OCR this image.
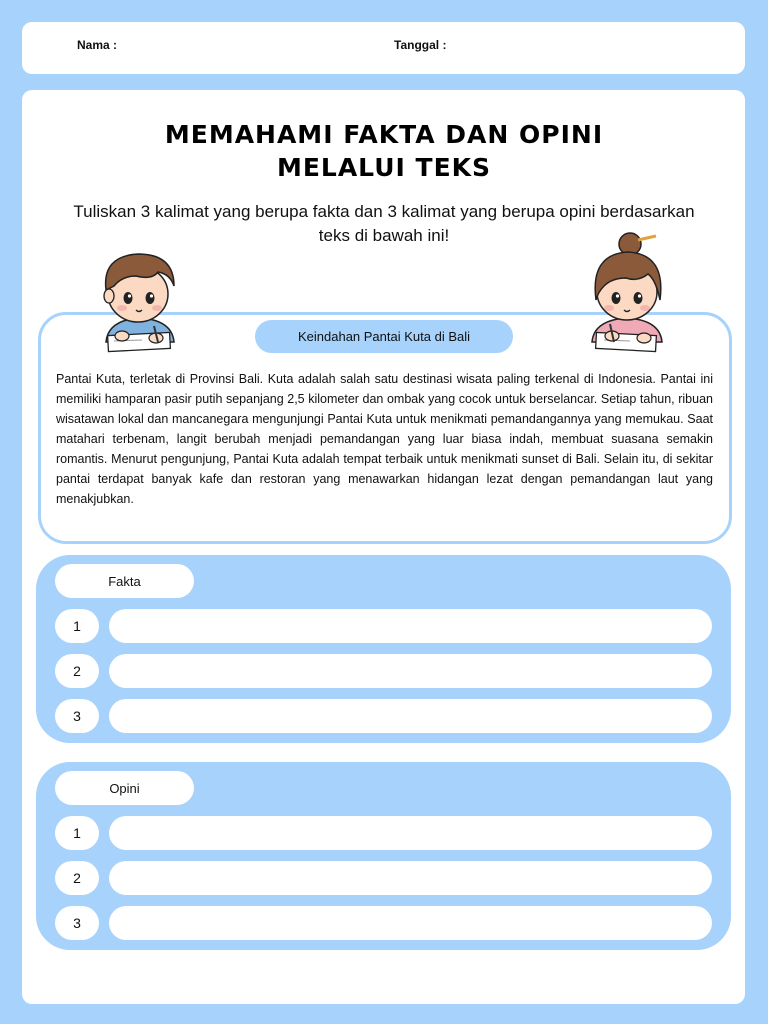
Nama :	Tanggal :
MEMAHAMI FAKTA DAN OPINI
MELALUI TEKS
Tuliskan 3 kalimat yang berupa fakta dan 3 kalimat yang berupa opini berdasarkan teks di bawah ini!
Keindahan Pantai Kuta di Bali
Pantai Kuta, terletak di Provinsi Bali. Kuta adalah salah satu destinasi wisata paling terkenal di Indonesia. Pantai ini memiliki hamparan pasir putih sepanjang 2,5 kilometer dan ombak yang cocok untuk berselancar. Setiap tahun, ribuan wisatawan lokal dan mancanegara mengunjungi Pantai Kuta untuk menikmati pemandangannya yang memukau. Saat matahari terbenam, langit berubah menjadi pemandangan yang luar biasa indah, membuat suasana semakin romantis. Menurut pengunjung, Pantai Kuta adalah tempat terbaik untuk menikmati sunset di Bali. Selain itu, di sekitar pantai terdapat banyak kafe dan restoran yang menawarkan hidangan lezat dengan pemandangan laut yang menakjubkan.
Fakta
1
2
3
Opini
1
2
3
